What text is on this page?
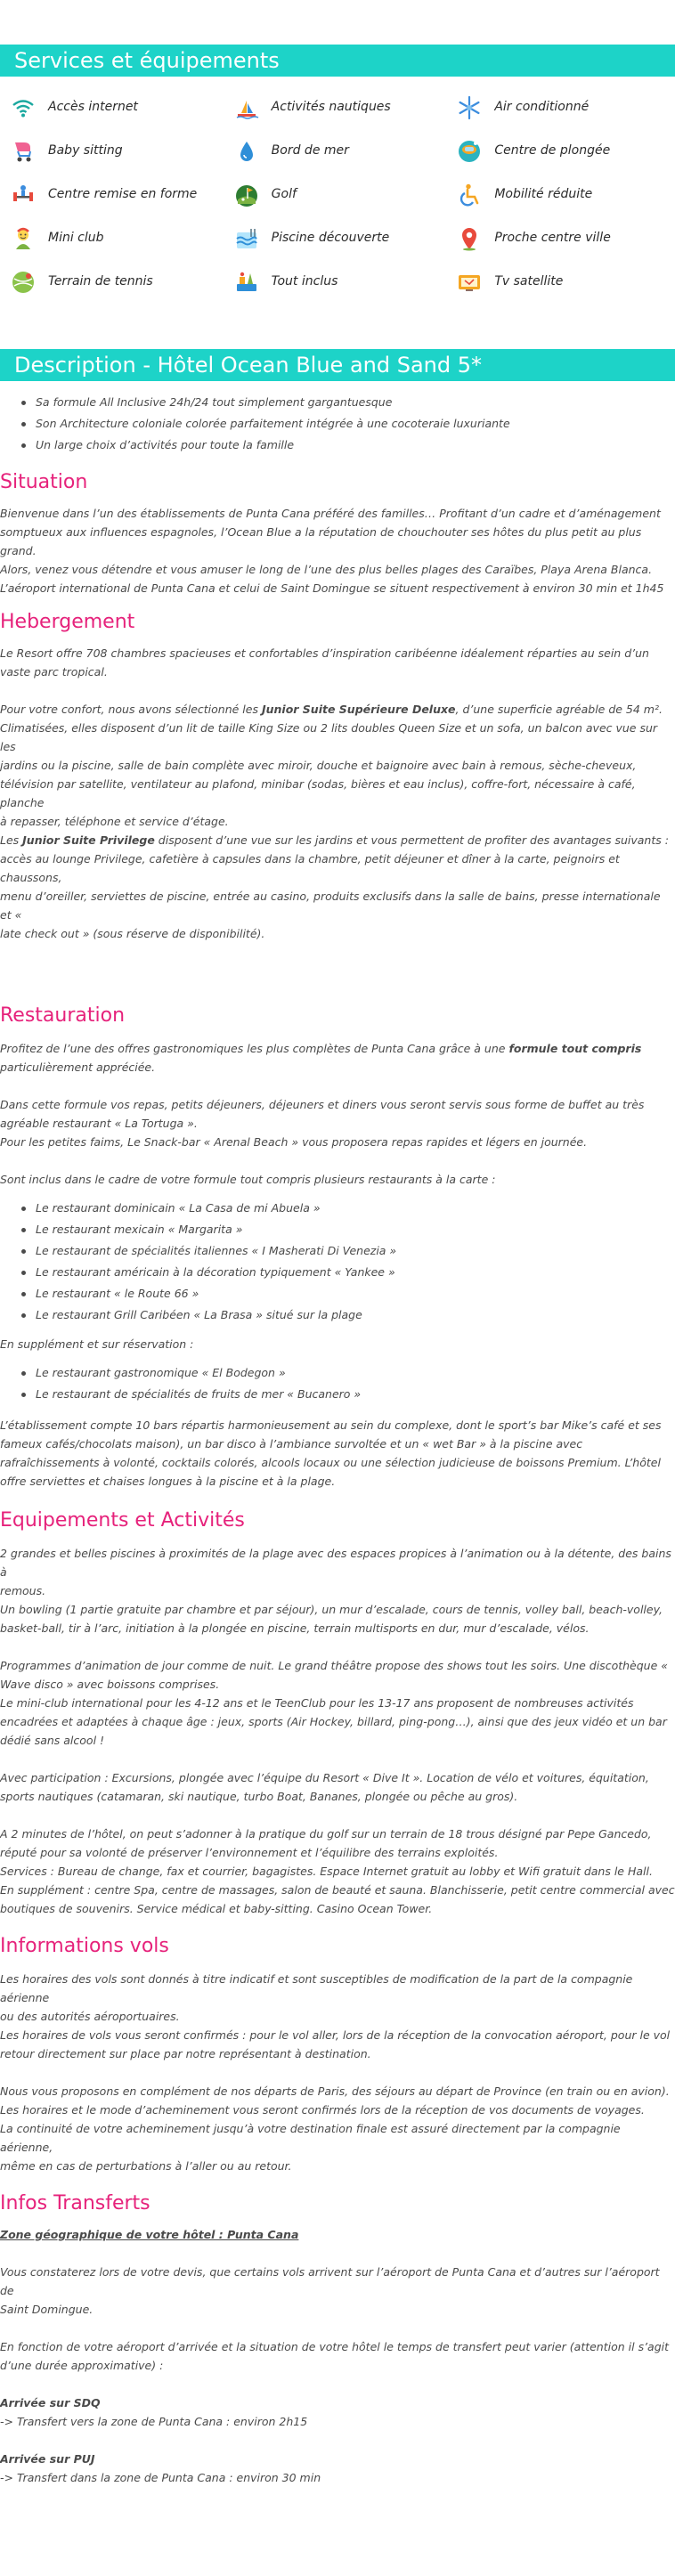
Services et équipements
Accès internet	Activités nautiques	Air conditionné
Baby sitting	Bord de mer	Centre de plongée
Centre remise en forme	Golf	Mobilité réduite
Mini club	Piscine découverte	Proche centre ville
Terrain de tennis	Tout inclus	Tv satellite
Description - Hôtel Ocean Blue and Sand 5*
Sa formule All Inclusive 24h/24 tout simplement gargantuesque
Son Architecture coloniale colorée parfaitement intégrée à une cocoteraie luxuriante
Un large choix d’activités pour toute la famille
Situation

Bienvenue dans l’un des établissements de Punta Cana préféré des familles… Profitant d’un cadre et d’aménagement

somptueux aux influences espagnoles, l’Ocean Blue a la réputation de chouchouter ses hôtes du plus petit au plus grand.

Alors, venez vous détendre et vous amuser le long de l’une des plus belles plages des Caraïbes, Playa Arena Blanca.

L’aéroport international de Punta Cana et celui de Saint Domingue se situent respectivement à environ 30 min et 1h45

Hebergement

Le Resort offre 708 chambres spacieuses et confortables d’inspiration caribéenne idéalement réparties au sein d’un

vaste parc tropical.

Pour votre confort, nous avons sélectionné les Junior Suite Supérieure Deluxe, d’une superficie agréable de 54 m².

Climatisées, elles disposent d’un lit de taille King Size ou 2 lits doubles Queen Size et un sofa, un balcon avec vue sur les

jardins ou la piscine, salle de bain complète avec miroir, douche et baignoire avec bain à remous, sèche-cheveux,

télévision par satellite, ventilateur au plafond, minibar (sodas, bières et eau inclus), coffre-fort, nécessaire à café, planche

à repasser, téléphone et service d’étage.

Les Junior Suite Privilege disposent d’une vue sur les jardins et vous permettent de profiter des avantages suivants :

accès au lounge Privilege, cafetière à capsules dans la chambre, petit déjeuner et dîner à la carte, peignoirs et chaussons,

menu d’oreiller, serviettes de piscine, entrée au casino, produits exclusifs dans la salle de bains, presse internationale et «

late check out » (sous réserve de disponibilité).

Restauration

Profitez de l’une des offres gastronomiques les plus complètes de Punta Cana grâce à une formule tout compris

particulièrement appréciée.

Dans cette formule vos repas, petits déjeuners, déjeuners et diners vous seront servis sous forme de buffet au très

agréable restaurant « La Tortuga ».

Pour les petites faims, Le Snack-bar « Arenal Beach » vous proposera repas rapides et légers en journée.

Sont inclus dans le cadre de votre formule tout compris plusieurs restaurants à la carte :

Le restaurant dominicain « La Casa de mi Abuela »
Le restaurant mexicain « Margarita »
Le restaurant de spécialités italiennes « I Masherati Di Venezia »
Le restaurant américain à la décoration typiquement « Yankee »
Le restaurant « le Route 66 »
Le restaurant Grill Caribéen « La Brasa » situé sur la plage

En supplément et sur réservation :

Le restaurant gastronomique « El Bodegon »
Le restaurant de spécialités de fruits de mer « Bucanero »

L’établissement compte 10 bars répartis harmonieusement au sein du complexe, dont le sport’s bar Mike’s café et ses

fameux cafés/chocolats maison), un bar disco à l’ambiance survoltée et un « wet Bar » à la piscine avec

rafraîchissements à volonté, cocktails colorés, alcools locaux ou une sélection judicieuse de boissons Premium. L’hôtel

offre serviettes et chaises longues à la piscine et à la plage.

Equipements et Activités

2 grandes et belles piscines à proximités de la plage avec des espaces propices à l’animation ou à la détente, des bains à

remous.

Un bowling (1 partie gratuite par chambre et par séjour), un mur d’escalade, cours de tennis, volley ball, beach-volley,

basket-ball, tir à l’arc, initiation à la plongée en piscine, terrain multisports en dur, mur d’escalade, vélos.

Programmes d’animation de jour comme de nuit. Le grand théâtre propose des shows tout les soirs. Une discothèque «

Wave disco » avec boissons comprises.

Le mini-club international pour les 4-12 ans et le TeenClub pour les 13-17 ans proposent de nombreuses activités

encadrées et adaptées à chaque âge : jeux, sports (Air Hockey, billard, ping-pong…), ainsi que des jeux vidéo et un bar

dédié sans alcool !

Avec participation : Excursions, plongée avec l’équipe du Resort « Dive It ». Location de vélo et voitures, équitation,

sports nautiques (catamaran, ski nautique, turbo Boat, Bananes, plongée ou pêche au gros).

A 2 minutes de l’hôtel, on peut s’adonner à la pratique du golf sur un terrain de 18 trous désigné par Pepe Gancedo,

réputé pour sa volonté de préserver l’environnement et l’équilibre des terrains exploités.

Services : Bureau de change, fax et courrier, bagagistes. Espace Internet gratuit au lobby et Wifi gratuit dans le Hall.

En supplément : centre Spa, centre de massages, salon de beauté et sauna. Blanchisserie, petit centre commercial avec

boutiques de souvenirs. Service médical et baby-sitting. Casino Ocean Tower.

Informations vols

Les horaires des vols sont donnés à titre indicatif et sont susceptibles de modification de la part de la compagnie aérienne

ou des autorités aéroportuaires.

Les horaires de vols vous seront confirmés : pour le vol aller, lors de la réception de la convocation aéroport, pour le vol

retour directement sur place par notre représentant à destination.

Nous vous proposons en complément de nos départs de Paris, des séjours au départ de Province (en train ou en avion).

Les horaires et le mode d’acheminement vous seront confirmés lors de la réception de vos documents de voyages.

La continuité de votre acheminement jusqu’à votre destination finale est assuré directement par la compagnie aérienne,

même en cas de perturbations à l’aller ou au retour.

Infos Transferts

Zone géographique de votre hôtel : Punta Cana

Vous constaterez lors de votre devis, que certains vols arrivent sur l’aéroport de Punta Cana et d’autres sur l’aéroport de

Saint Domingue.

En fonction de votre aéroport d’arrivée et la situation de votre hôtel le temps de transfert peut varier (attention il s’agit

d’une durée approximative) :

Arrivée sur SDQ

-> Transfert vers la zone de Punta Cana : environ 2h15

Arrivée sur PUJ

-> Transfert dans la zone de Punta Cana : environ 30 min
